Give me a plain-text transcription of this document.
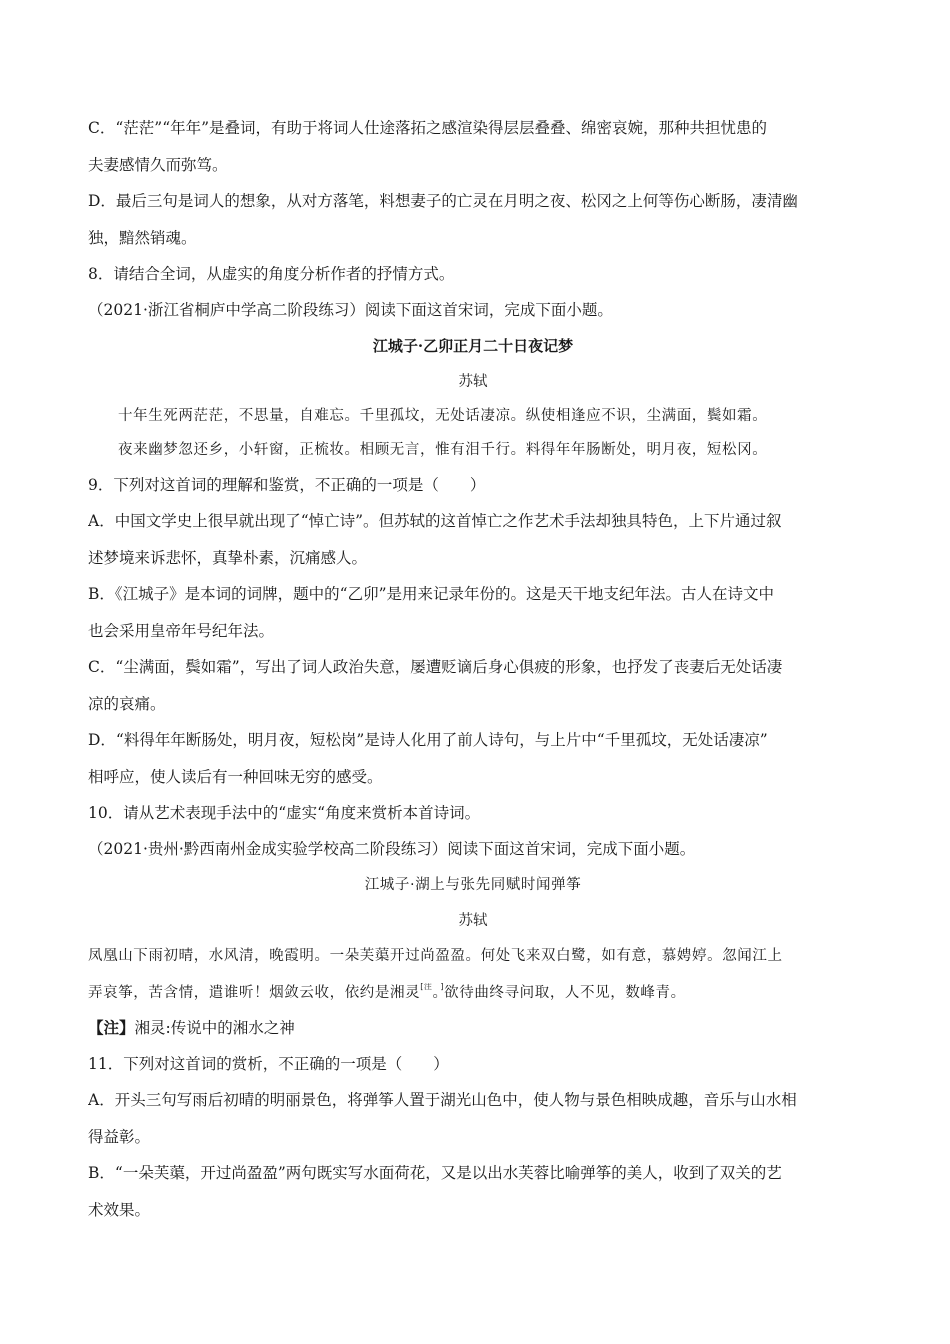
C．“茫茫”“年年”是叠词，有助于将词人仕途落拓之感渲染得层层叠叠、绵密哀婉，那种共担忧患的
夫妻感情久而弥笃。
D．最后三句是词人的想象，从对方落笔，料想妻子的亡灵在月明之夜、松冈之上何等伤心断肠，凄清幽
独，黯然销魂。
8．请结合全词，从虚实的角度分析作者的抒情方式。
（2021·浙江省桐庐中学高二阶段练习）阅读下面这首宋词，完成下面小题。
江城子·乙卯正月二十日夜记梦
苏轼
十年生死两茫茫，不思量，自难忘。千里孤坟，无处话凄凉。纵使相逢应不识，尘满面，鬓如霜。
夜来幽梦忽还乡，小轩窗，正梳妆。相顾无言，惟有泪千行。料得年年肠断处，明月夜，短松冈。
9．下列对这首词的理解和鉴赏，不正确的一项是（　　）
A．中国文学史上很早就出现了“悼亡诗”。但苏轼的这首悼亡之作艺术手法却独具特色，上下片通过叙
述梦境来诉悲怀，真挚朴素，沉痛感人。
B．《江城子》是本词的词牌，题中的“乙卯”是用来记录年份的。这是天干地支纪年法。古人在诗文中
也会采用皇帝年号纪年法。
C．“尘满面，鬓如霜”，写出了词人政治失意，屡遭贬谪后身心俱疲的形象，也抒发了丧妻后无处话凄
凉的哀痛。
D．“料得年年断肠处，明月夜，短松岗”是诗人化用了前人诗句，与上片中“千里孤坟，无处话凄凉”
相呼应，使人读后有一种回味无穷的感受。
10．请从艺术表现手法中的“虚实“角度来赏析本首诗词。
（2021·贵州·黔西南州金成实验学校高二阶段练习）阅读下面这首宋词，完成下面小题。
江城子·湖上与张先同赋时闻弹筝
苏轼
凤凰山下雨初晴，水风清，晚霞明。一朵芙蕖开过尚盈盈。何处飞来双白鹭，如有意，慕娉婷。忽闻江上
弄哀筝，苦含情，遣谁听！烟敛云收，依约是湘灵$^{[注}$。]欲待曲终寻问取，人不见，数峰青。
【注】湘灵:传说中的湘水之神
11．下列对这首词的赏析，不正确的一项是（　　）
A．开头三句写雨后初晴的明丽景色，将弹筝人置于湖光山色中，使人物与景色相映成趣，音乐与山水相
得益彰。
B．“一朵芙蕖，开过尚盈盈”两句既实写水面荷花，又是以出水芙蓉比喻弹筝的美人，收到了双关的艺
术效果。
